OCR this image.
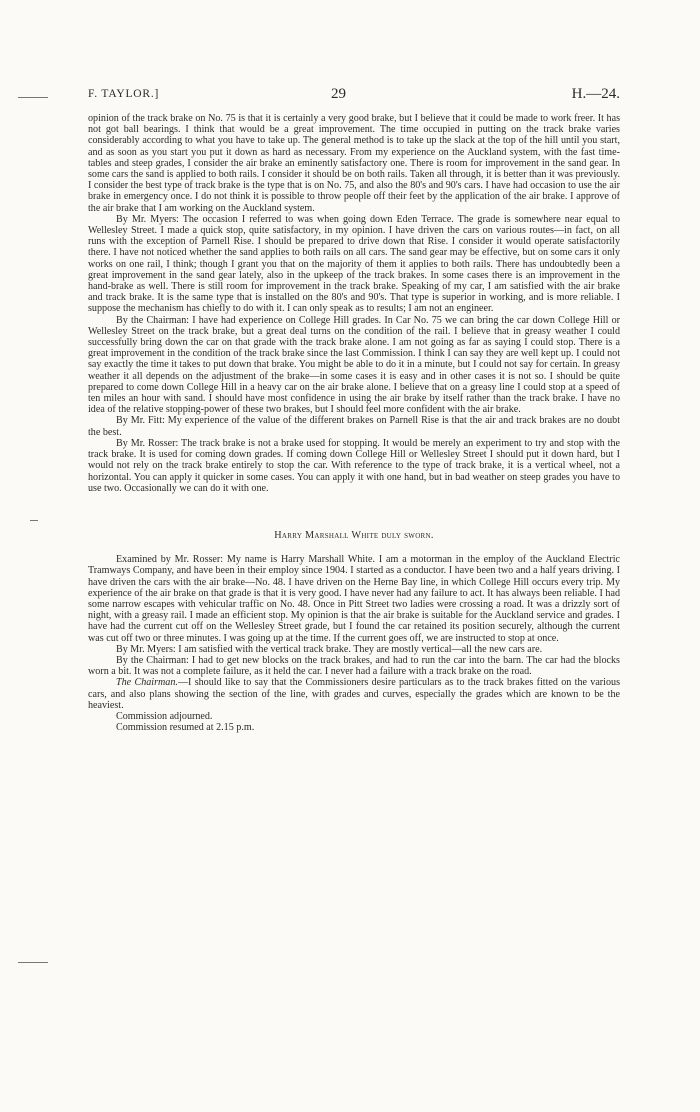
F. TAYLOR.]	29	H.—24.

opinion of the track brake on No. 75 is that it is certainly a very good brake, but I believe that it could be made to work freer. It has not got ball bearings. I think that would be a great improvement. The time occupied in putting on the track brake varies considerably according to what you have to take up. The general method is to take up the slack at the top of the hill until you start, and as soon as you start you put it down as hard as necessary. From my experience on the Auckland system, with the fast time-tables and steep grades, I consider the air brake an eminently satisfactory one. There is room for improvement in the sand gear. In some cars the sand is applied to both rails. I consider it should be on both rails. Taken all through, it is better than it was previously. I consider the best type of track brake is the type that is on No. 75, and also the 80's and 90's cars. I have had occasion to use the air brake in emergency once. I do not think it is possible to throw people off their feet by the application of the air brake. I approve of the air brake that I am working on the Auckland system.

By Mr. Myers: The occasion I referred to was when going down Eden Terrace. The grade is somewhere near equal to Wellesley Street. I made a quick stop, quite satisfactory, in my opinion. I have driven the cars on various routes—in fact, on all runs with the exception of Parnell Rise. I should be prepared to drive down that Rise. I consider it would operate satisfactorily there. I have not noticed whether the sand applies to both rails on all cars. The sand gear may be effective, but on some cars it only works on one rail, I think; though I grant you that on the majority of them it applies to both rails. There has undoubtedly been a great improvement in the sand gear lately, also in the upkeep of the track brakes. In some cases there is an improvement in the hand-brake as well. There is still room for improvement in the track brake. Speaking of my car, I am satisfied with the air brake and track brake. It is the same type that is installed on the 80's and 90's. That type is superior in working, and is more reliable. I suppose the mechanism has chiefly to do with it. I can only speak as to results; I am not an engineer.

By the Chairman: I have had experience on College Hill grades. In Car No. 75 we can bring the car down College Hill or Wellesley Street on the track brake, but a great deal turns on the condition of the rail. I believe that in greasy weather I could successfully bring down the car on that grade with the track brake alone. I am not going as far as saying I could stop. There is a great improvement in the condition of the track brake since the last Commission. I think I can say they are well kept up. I could not say exactly the time it takes to put down that brake. You might be able to do it in a minute, but I could not say for certain. In greasy weather it all depends on the adjustment of the brake—in some cases it is easy and in other cases it is not so. I should be quite prepared to come down College Hill in a heavy car on the air brake alone. I believe that on a greasy line I could stop at a speed of ten miles an hour with sand. I should have most confidence in using the air brake by itself rather than the track brake. I have no idea of the relative stopping-power of these two brakes, but I should feel more confident with the air brake.

By Mr. Fitt: My experience of the value of the different brakes on Parnell Rise is that the air and track brakes are no doubt the best.

By Mr. Rosser: The track brake is not a brake used for stopping. It would be merely an experiment to try and stop with the track brake. It is used for coming down grades. If coming down College Hill or Wellesley Street I should put it down hard, but I would not rely on the track brake entirely to stop the car. With reference to the type of track brake, it is a vertical wheel, not a horizontal. You can apply it quicker in some cases. You can apply it with one hand, but in bad weather on steep grades you have to use two. Occasionally we can do it with one.

Harry Marshall White duly sworn.

Examined by Mr. Rosser: My name is Harry Marshall White. I am a motorman in the employ of the Auckland Electric Tramways Company, and have been in their employ since 1904. I started as a conductor. I have been two and a half years driving. I have driven the cars with the air brake—No. 48. I have driven on the Herne Bay line, in which College Hill occurs every trip. My experience of the air brake on that grade is that it is very good. I have never had any failure to act. It has always been reliable. I had some narrow escapes with vehicular traffic on No. 48. Once in Pitt Street two ladies were crossing a road. It was a drizzly sort of night, with a greasy rail. I made an efficient stop. My opinion is that the air brake is suitable for the Auckland service and grades. I have had the current cut off on the Wellesley Street grade, but I found the car retained its position securely, although the current was cut off two or three minutes. I was going up at the time. If the current goes off, we are instructed to stop at once.

By Mr. Myers: I am satisfied with the vertical track brake. They are mostly vertical—all the new cars are.

By the Chairman: I had to get new blocks on the track brakes, and had to run the car into the barn. The car had the blocks worn a bit. It was not a complete failure, as it held the car. I never had a failure with a track brake on the road.

The Chairman.—I should like to say that the Commissioners desire particulars as to the track brakes fitted on the various cars, and also plans showing the section of the line, with grades and curves, especially the grades which are known to be the heaviest.

Commission adjourned.

Commission resumed at 2.15 p.m.
